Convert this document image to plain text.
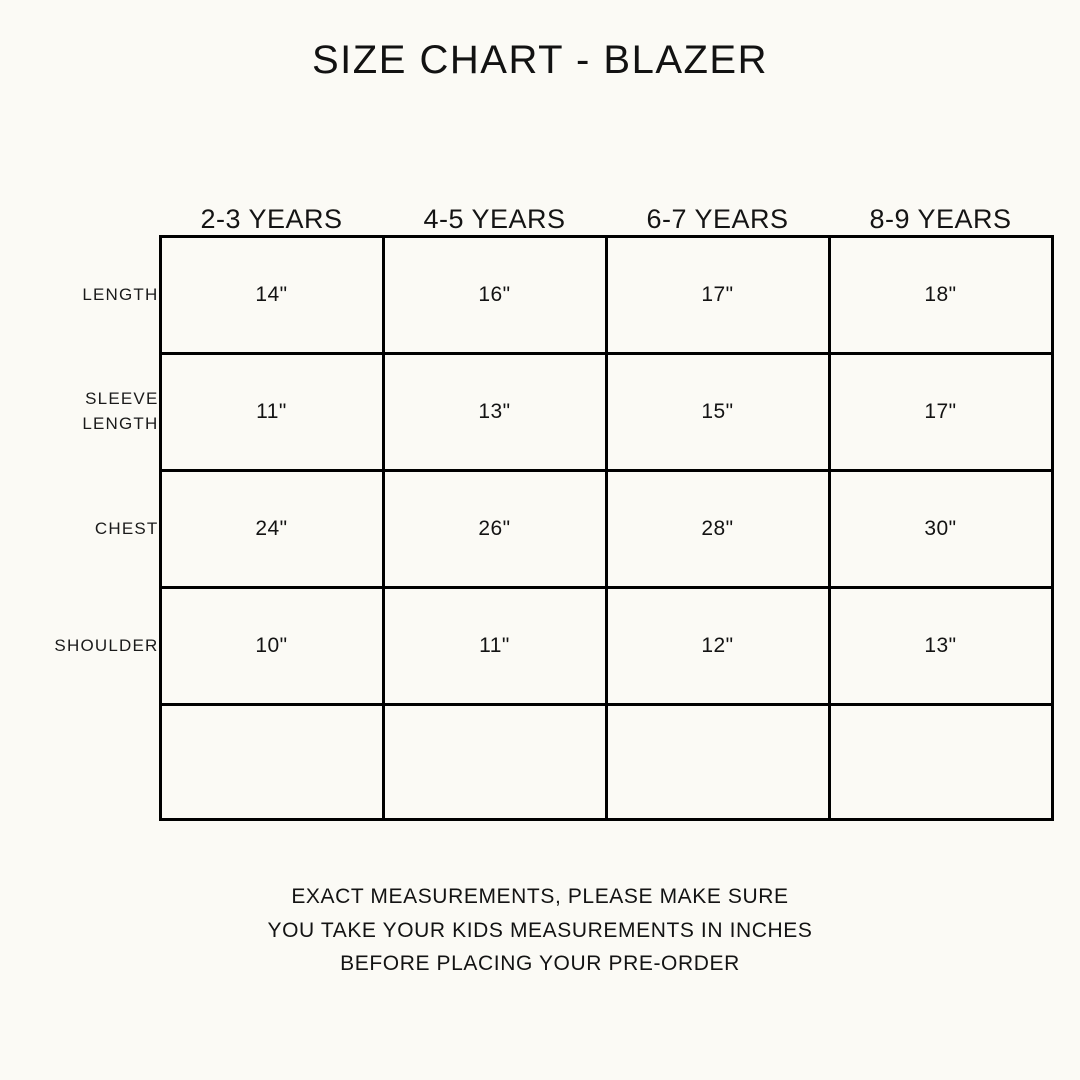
SIZE CHART - BLAZER
	2-3 YEARS	4-5 YEARS	6-7 YEARS	8-9 YEARS
LENGTH	14"	16"	17"	18"
SLEEVE
LENGTH	11"	13"	15"	17"
CHEST	24"	26"	28"	30"
SHOULDER	10"	11"	12"	13"

EXACT MEASUREMENTS, PLEASE MAKE SURE
YOU TAKE YOUR KIDS MEASUREMENTS IN INCHES
BEFORE PLACING YOUR PRE-ORDER
